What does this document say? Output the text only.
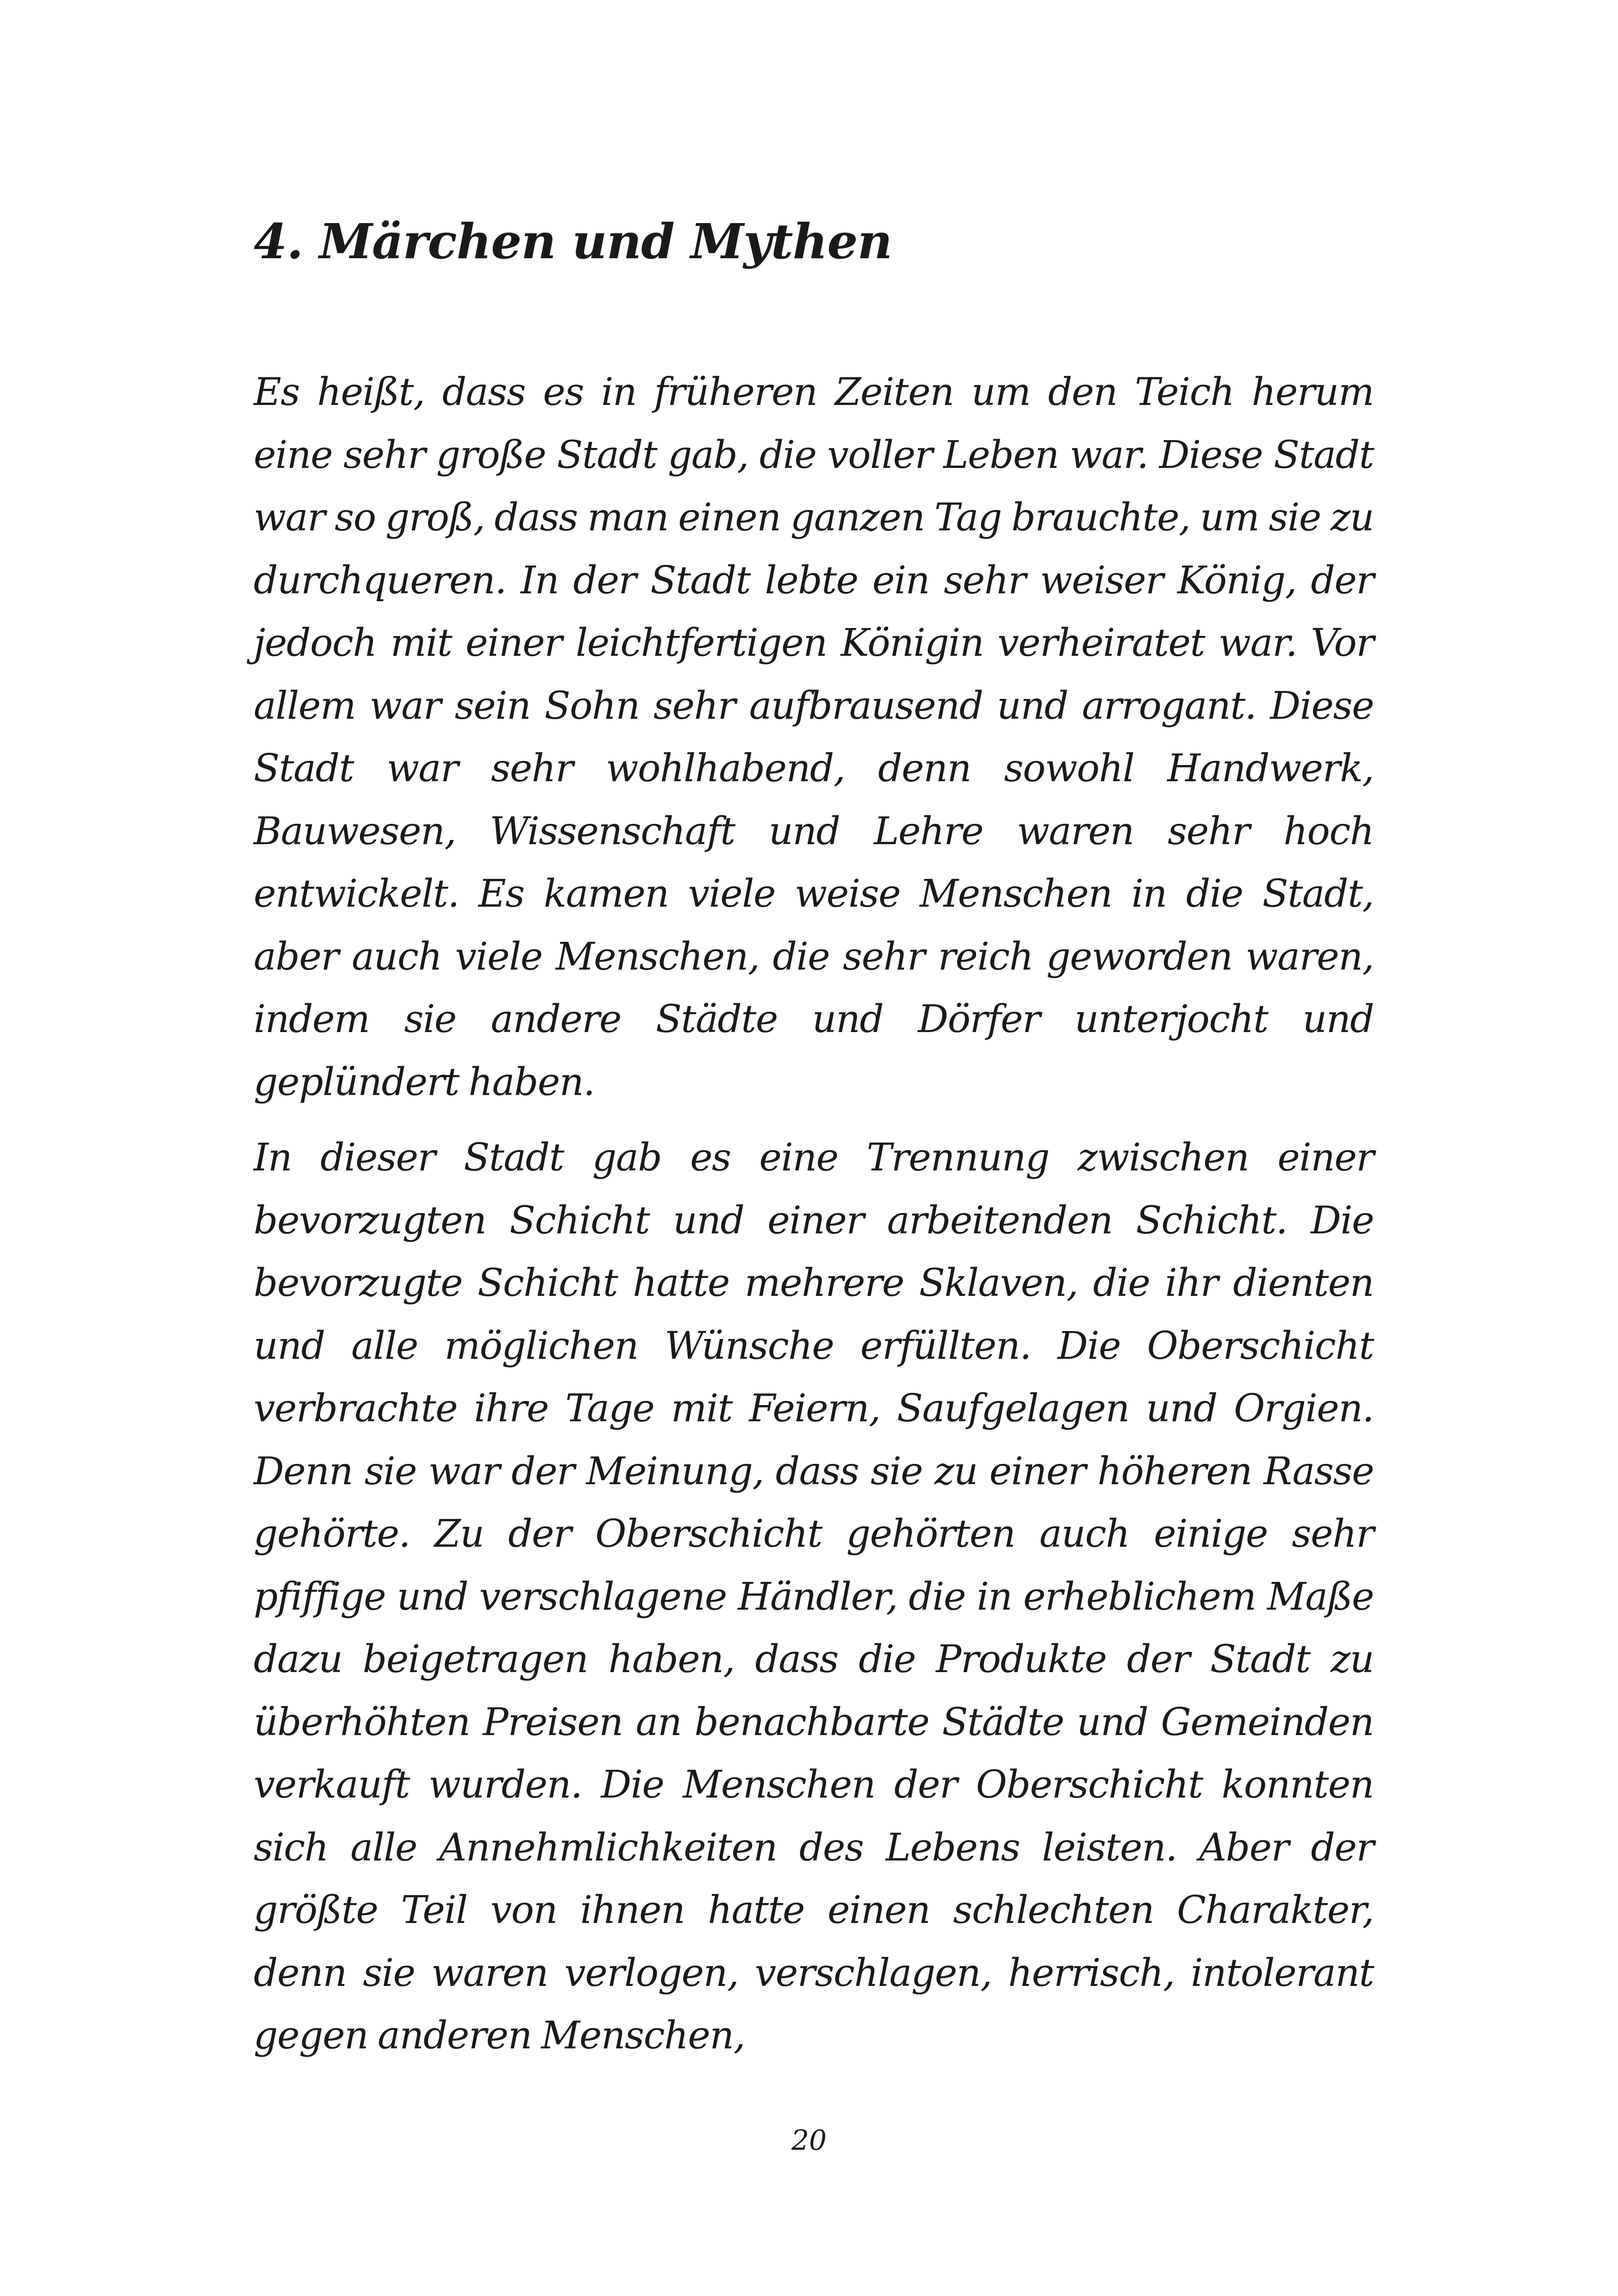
4. Märchen und Mythen

Es heißt, dass es in früheren Zeiten um den Teich herum eine sehr große Stadt gab, die voller Leben war. Diese Stadt war so groß, dass man einen ganzen Tag brauchte, um sie zu durchqueren. In der Stadt lebte ein sehr weiser König, der jedoch mit einer leichtfertigen Königin verheiratet war. Vor allem war sein Sohn sehr aufbrausend und arrogant. Diese Stadt war sehr wohlhabend, denn sowohl Handwerk, Bauwesen, Wissenschaft und Lehre waren sehr hoch entwickelt. Es kamen viele weise Menschen in die Stadt, aber auch viele Menschen, die sehr reich geworden waren, indem sie andere Städte und Dörfer unterjocht und geplündert haben.

In dieser Stadt gab es eine Trennung zwischen einer bevorzugten Schicht und einer arbeitenden Schicht. Die bevorzugte Schicht hatte mehrere Sklaven, die ihr dienten und alle möglichen Wünsche erfüllten. Die Oberschicht verbrachte ihre Tage mit Feiern, Saufgelagen und Orgien. Denn sie war der Meinung, dass sie zu einer höheren Rasse gehörte. Zu der Oberschicht gehörten auch einige sehr pfiffige und verschlagene Händler, die in erheblichem Maße dazu beigetragen haben, dass die Produkte der Stadt zu überhöhten Preisen an benachbarte Städte und Gemeinden verkauft wurden. Die Menschen der Oberschicht konnten sich alle Annehmlichkeiten des Lebens leisten. Aber der größte Teil von ihnen hatte einen schlechten Charakter, denn sie waren verlogen, verschlagen, herrisch, intolerant gegen anderen Menschen,

20
